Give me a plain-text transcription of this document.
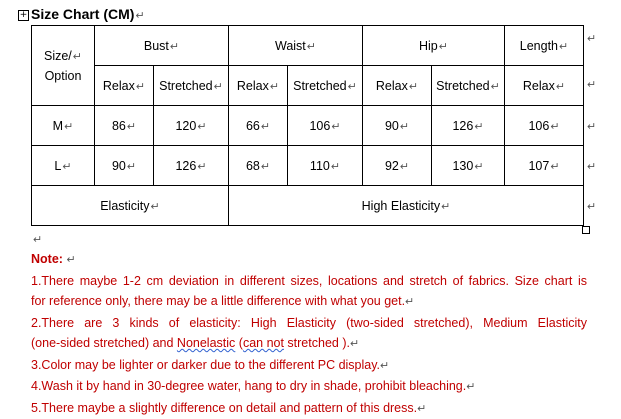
+ Size Chart (CM)↵
Size/↵
Option	Bust↵		Waist↵		Hip↵		Length↵
	Relax↵	Stretched↵	Relax↵	Stretched↵	Relax↵	Stretched↵	Relax↵
M↵	86↵	120↵	66↵	106↵	90↵	126↵	106↵
L↵	90↵	126↵	68↵	110↵	92↵	130↵	107↵
Elasticity↵			High Elasticity↵				
↵
↵
↵
↵
↵
↵
Note: ↵
1.There maybe 1-2 cm deviation in different sizes, locations and stretch of fabrics. Size chart is
for reference only, there may be a little difference with what you get.↵
2.There are 3 kinds of elasticity: High Elasticity (two-sided stretched), Medium Elasticity
(one-sided stretched) and Nonelastic (can not stretched ).↵
3.Color may be lighter or darker due to the different PC display.↵
4.Wash it by hand in 30-degree water, hang to dry in shade, prohibit bleaching.↵
5.There maybe a slightly difference on detail and pattern of this dress.↵
